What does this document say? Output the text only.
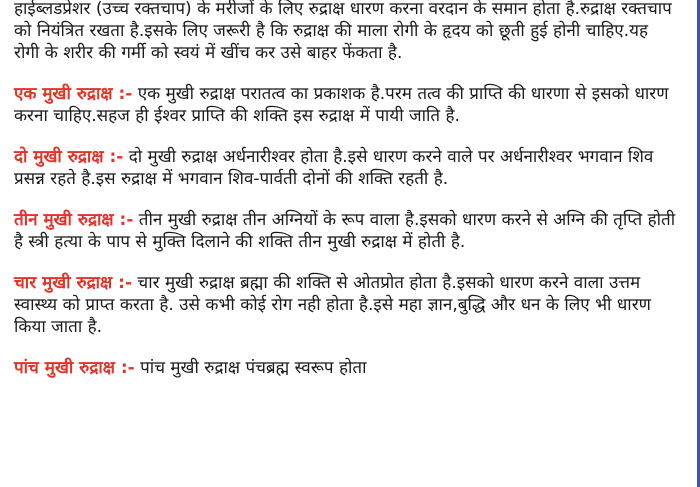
हाईब्लडप्रेशर (उच्च रक्तचाप) के मरीजों के लिए रुद्राक्ष धारण करना वरदान के समान होता है.रुद्राक्ष रक्तचाप को नियंत्रित रखता है.इसके लिए जरूरी है कि रुद्राक्ष की माला रोगी के हृदय को छूती हुई होनी चाहिए.यह रोगी के शरीर की गर्मी को स्वयं में खींच कर उसे बाहर फेंकता है.

एक मुखी रुद्राक्ष :- एक मुखी रुद्राक्ष परातत्व का प्रकाशक है.परम तत्व की प्राप्ति की धारणा से इसको धारण करना चाहिए.सहज ही ईश्वर प्राप्ति की शक्ति इस रुद्राक्ष में पायी जाति है.

दो मुखी रुद्राक्ष :- दो मुखी रुद्राक्ष अर्धनारीश्वर होता है.इसे धारण करने वाले पर अर्धनारीश्वर भगवान शिव प्रसन्न रहते है.इस रुद्राक्ष में भगवान शिव-पार्वती दोनों की शक्ति रहती है.

तीन मुखी रुद्राक्ष :- तीन मुखी रुद्राक्ष तीन अग्नियों के रूप वाला है.इसको धारण करने से अग्नि की तृप्ति होती है स्त्री हत्या के पाप से मुक्ति दिलाने की शक्ति तीन मुखी रुद्राक्ष में होती है.

चार मुखी रुद्राक्ष :- चार मुखी रुद्राक्ष ब्रह्मा की शक्ति से ओतप्रोत होता है.इसको धारण करने वाला उत्तम स्वास्थ्य को प्राप्त करता है. उसे कभी कोई रोग नही होता है.इसे महा ज्ञान,बुद्धि और धन के लिए भी धारण किया जाता है.

पांच मुखी रुद्राक्ष :- पांच मुखी रुद्राक्ष पंचब्रह्म स्वरूप होता
